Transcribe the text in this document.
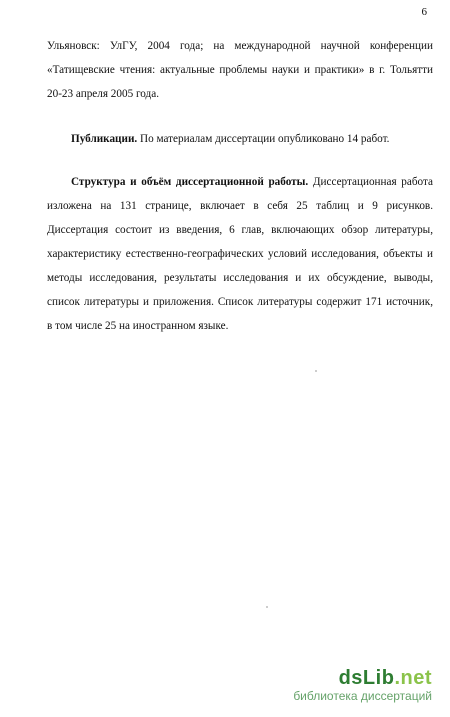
6
Ульяновск: УлГУ, 2004 года; на международной научной конференции
«Татищевские чтения: актуальные проблемы науки и практики» в г. Тольятти
20-23 апреля 2005 года.
Публикации. По материалам диссертации опубликовано 14 работ.
Структура и объём диссертационной работы. Диссертационная работа
изложена на 131 странице, включает в себя 25 таблиц и 9 рисунков.
Диссертация состоит из введения, 6 глав, включающих обзор литературы,
характеристику естественно-географических условий исследования, объекты и
методы исследования, результаты исследования и их обсуждение, выводы,
список литературы и приложения. Список литературы содержит 171 источник,
в том числе 25 на иностранном языке.
dsLib.net
библиотека диссертаций
